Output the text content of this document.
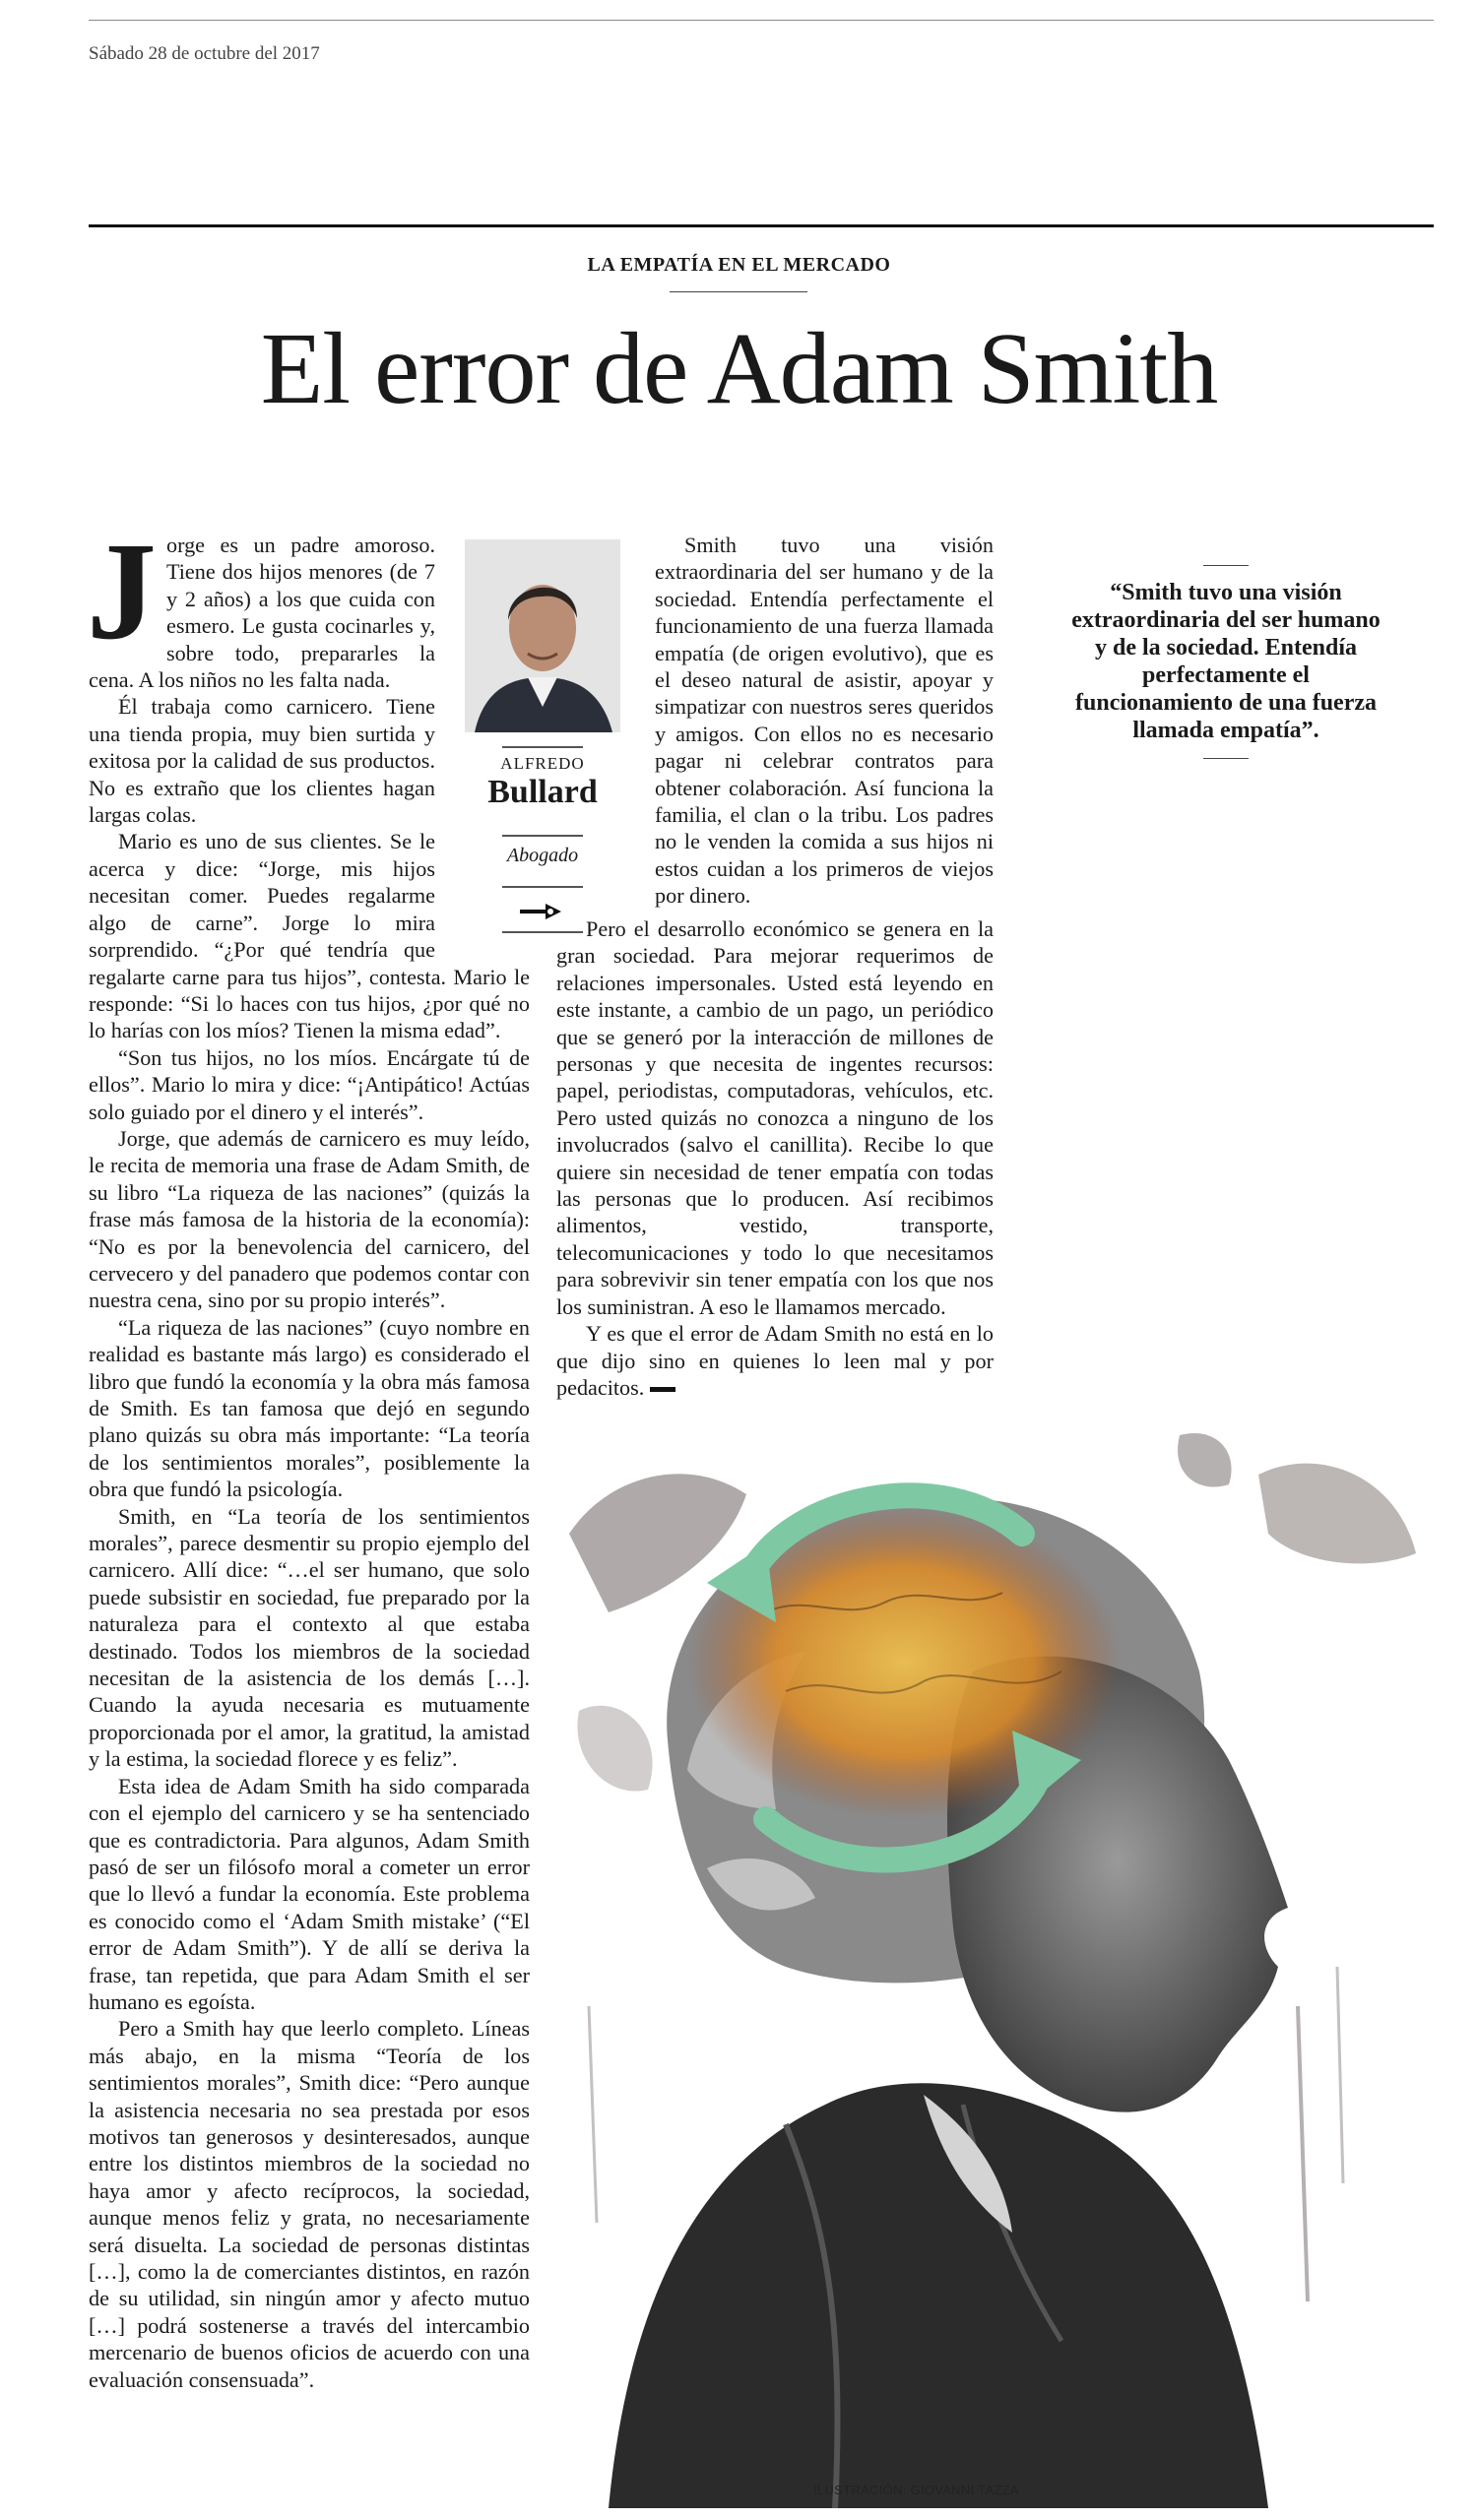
Sábado 28 de octubre del 2017
LA EMPATÍA EN EL MERCADO
El error de Adam Smith
J orge es un padre amoroso. Tiene dos hijos menores (de 7 y 2 años) a los que cuida con esmero. Le gusta cocinarles y, sobre todo, prepararles la cena. A los niños no les falta nada.

Él trabaja como carnicero. Tiene una tienda propia, muy bien surtida y exitosa por la calidad de sus productos. No es extraño que los clientes hagan largas colas.

Mario es uno de sus clientes. Se le acerca y dice: “Jorge, mis hijos necesitan comer. Puedes regalarme algo de carne”. Jorge lo mira sorprendido. “¿Por qué tendría que regalarte carne para tus hijos”, contesta. Mario le responde: “Si lo haces con tus hijos, ¿por qué no lo harías con los míos? Tienen la misma edad”.

“Son tus hijos, no los míos. Encárgate tú de ellos”. Mario lo mira y dice: “¡Antipático! Actúas solo guiado por el dinero y el interés”.

Jorge, que además de carnicero es muy leído, le recita de memoria una frase de Adam Smith, de su libro “La riqueza de las naciones” (quizás la frase más famosa de la historia de la economía): “No es por la benevolencia del carnicero, del cervecero y del panadero que podemos contar con nuestra cena, sino por su propio interés”.

“La riqueza de las naciones” (cuyo nombre en realidad es bastante más largo) es considerado el libro que fundó la economía y la obra más famosa de Smith. Es tan famosa que dejó en segundo plano quizás su obra más importante: “La teoría de los sentimientos morales”, posiblemente la obra que fundó la psicología.

Smith, en “La teoría de los sentimientos morales”, parece desmentir su propio ejemplo del carnicero. Allí dice: “…el ser humano, que solo puede subsistir en sociedad, fue preparado por la naturaleza para el contexto al que estaba destinado. Todos los miembros de la sociedad necesitan de la asistencia de los demás […]. Cuando la ayuda necesaria es mutuamente proporcionada por el amor, la gratitud, la amistad y la estima, la sociedad florece y es feliz”.

Esta idea de Adam Smith ha sido comparada con el ejemplo del carnicero y se ha sentenciado que es contradictoria. Para algunos, Adam Smith pasó de ser un filósofo moral a cometer un error que lo llevó a fundar la economía. Este problema es conocido como el ‘Adam Smith mistake’ (“El error de Adam Smith”). Y de allí se deriva la frase, tan repetida, que para Adam Smith el ser humano es egoísta.

Pero a Smith hay que leerlo completo. Líneas más abajo, en la misma “Teoría de los sentimientos morales”, Smith dice: “Pero aunque la asistencia necesaria no sea prestada por esos motivos tan generosos y desinteresados, aunque entre los distintos miembros de la sociedad no haya amor y afecto recíprocos, la sociedad, aunque menos feliz y grata, no necesariamente será disuelta. La sociedad de personas distintas […], como la de comerciantes distintos, en razón de su utilidad, sin ningún amor y afecto mutuo […] podrá sostenerse a través del intercambio mercenario de buenos oficios de acuerdo con una evaluación consensuada”.

Smith tuvo una visión extraordinaria del ser humano y de la sociedad. Entendía perfectamente el funcionamiento de una fuerza llamada empatía (de origen evolutivo), que es el deseo natural de asistir, apoyar y simpatizar con nuestros seres queridos y amigos. Con ellos no es necesario pagar ni celebrar contratos para obtener colaboración. Así funciona la familia, el clan o la tribu. Los padres no le venden la comida a sus hijos ni estos cuidan a los primeros de viejos por dinero.

Pero el desarrollo económico se genera en la gran sociedad. Para mejorar requerimos de relaciones impersonales. Usted está leyendo en este instante, a cambio de un pago, un periódico que se generó por la interacción de millones de personas y que necesita de ingentes recursos: papel, periodistas, computadoras, vehículos, etc. Pero usted quizás no conozca a ninguno de los involucrados (salvo el canillita). Recibe lo que quiere sin necesidad de tener empatía con todas las personas que lo producen. Así recibimos alimentos, vestido, transporte, telecomunicaciones y todo lo que necesitamos para sobrevivir sin tener empatía con los que nos los suministran. A eso le llamamos mercado.

Y es que el error de Adam Smith no está en lo que dijo sino en quienes lo leen mal y por pedacitos.

ALFREDO
Bullard
Abogado
“Smith tuvo una visión extraordinaria del ser humano y de la sociedad. Entendía perfectamente el funcionamiento de una fuerza llamada empatía”.
ILUSTRACIÓN: GIOVANNI TAZZA
